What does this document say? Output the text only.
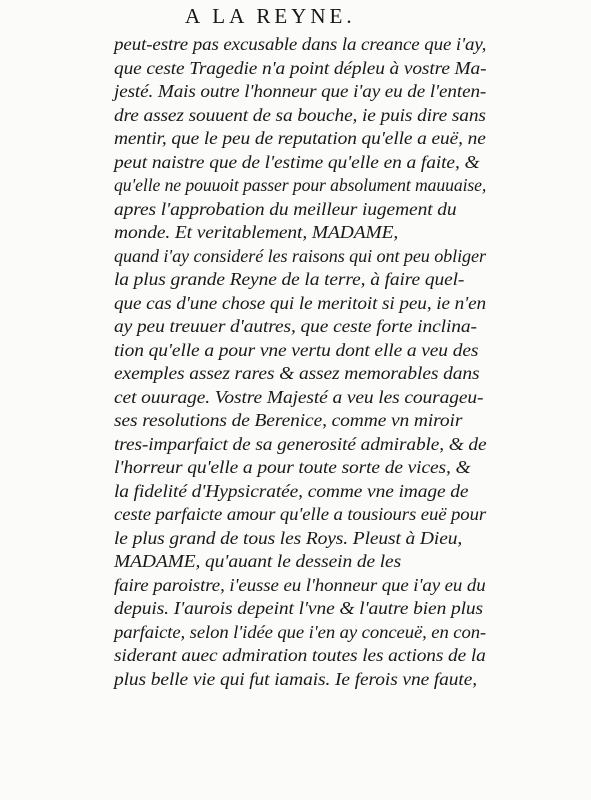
A LA REYNE.
peut-estre pas excusable dans la creance que i'ay,
que ceste Tragedie n'a point dépleu à vostre Ma-
jesté. Mais outre l'honneur que i'ay eu de l'enten-
dre assez souuent de sa bouche, ie puis dire sans
mentir, que le peu de reputation qu'elle a euë, ne
peut naistre que de l'estime qu'elle en a faite, &
qu'elle ne pouuoit passer pour absolument mauuaise,
apres l'approbation du meilleur iugement du
monde. Et veritablement, MADAME,
quand i'ay consideré les raisons qui ont peu obliger
la plus grande Reyne de la terre, à faire quel-
que cas d'une chose qui le meritoit si peu, ie n'en
ay peu treuuer d'autres, que ceste forte inclina-
tion qu'elle a pour vne vertu dont elle a veu des
exemples assez rares & assez memorables dans
cet ouurage. Vostre Majesté a veu les courageu-
ses resolutions de Berenice, comme vn miroir
tres-imparfaict de sa generosité admirable, & de
l'horreur qu'elle a pour toute sorte de vices, &
la fidelité d'Hypsicratée, comme vne image de
ceste parfaicte amour qu'elle a tousiours euë pour
le plus grand de tous les Roys. Pleust à Dieu,
MADAME, qu'auant le dessein de les
faire paroistre, i'eusse eu l'honneur que i'ay eu du
depuis. I'aurois depeint l'vne & l'autre bien plus
parfaicte, selon l'idée que i'en ay conceuë, en con-
siderant auec admiration toutes les actions de la
plus belle vie qui fut iamais. Ie ferois vne faute,
